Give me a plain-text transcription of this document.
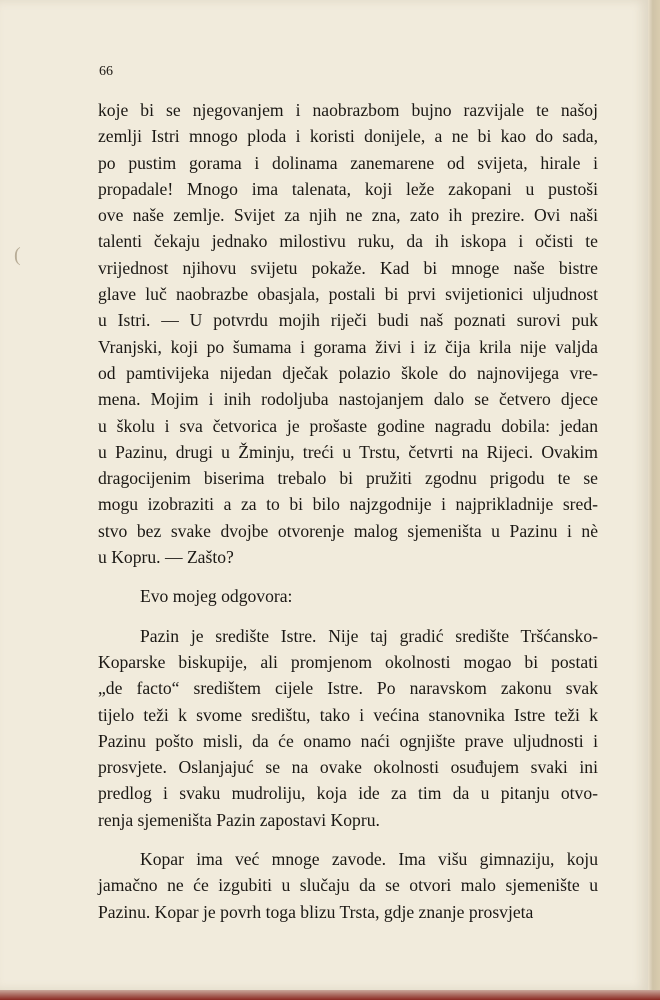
66
(
koje bi se njegovanjem i naobrazbom bujno razvijale te našoj
zemlji Istri mnogo ploda i koristi donijele, a ne bi kao do sada,
po pustim gorama i dolinama zanemarene od svijeta, hirale i
propadale! Mnogo ima talenata, koji leže zakopani u pustoši
ove naše zemlje. Svijet za njih ne zna, zato ih prezire. Ovi naši
talenti čekaju jednako milostivu ruku, da ih iskopa i očisti te
vrijednost njihovu svijetu pokaže. Kad bi mnoge naše bistre
glave luč naobrazbe obasjala, postali bi prvi svijetionici uljudnost
u Istri. — U potvrdu mojih riječi budi naš poznati surovi puk
Vranjski, koji po šumama i gorama živi i iz čija krila nije valjda
od pamtivijeka nijedan dječak polazio škole do najnovijega vre-
mena. Mojim i inih rodoljuba nastojanjem dalo se četvero djece
u školu i sva četvorica je prošaste godine nagradu dobila: jedan
u Pazinu, drugi u Žminju, treći u Trstu, četvrti na Rijeci. Ovakim
dragocijenim biserima trebalo bi pružiti zgodnu prigodu te se
mogu izobraziti a za to bi bilo najzgodnije i najprikladnije sred-
stvo bez svake dvojbe otvorenje malog sjemeništa u Pazinu i nè
u Kopru. — Zašto?
Evo mojeg odgovora:
Pazin je središte Istre. Nije taj gradić središte Tršćansko-
Koparske biskupije, ali promjenom okolnosti mogao bi postati
„de facto“ središtem cijele Istre. Po naravskom zakonu svak
tijelo teži k svome središtu, tako i većina stanovnika Istre teži k
Pazinu pošto misli, da će onamo naći ognjište prave uljudnosti i
prosvjete. Oslanjajuć se na ovake okolnosti osuđujem svaki ini
predlog i svaku mudroliju, koja ide za tim da u pitanju otvo-
renja sjemeništa Pazin zapostavi Kopru.
Kopar ima već mnoge zavode. Ima višu gimnaziju, koju
jamačno ne će izgubiti u slučaju da se otvori malo sjemenište u
Pazinu. Kopar je povrh toga blizu Trsta, gdje znanje prosvjeta
